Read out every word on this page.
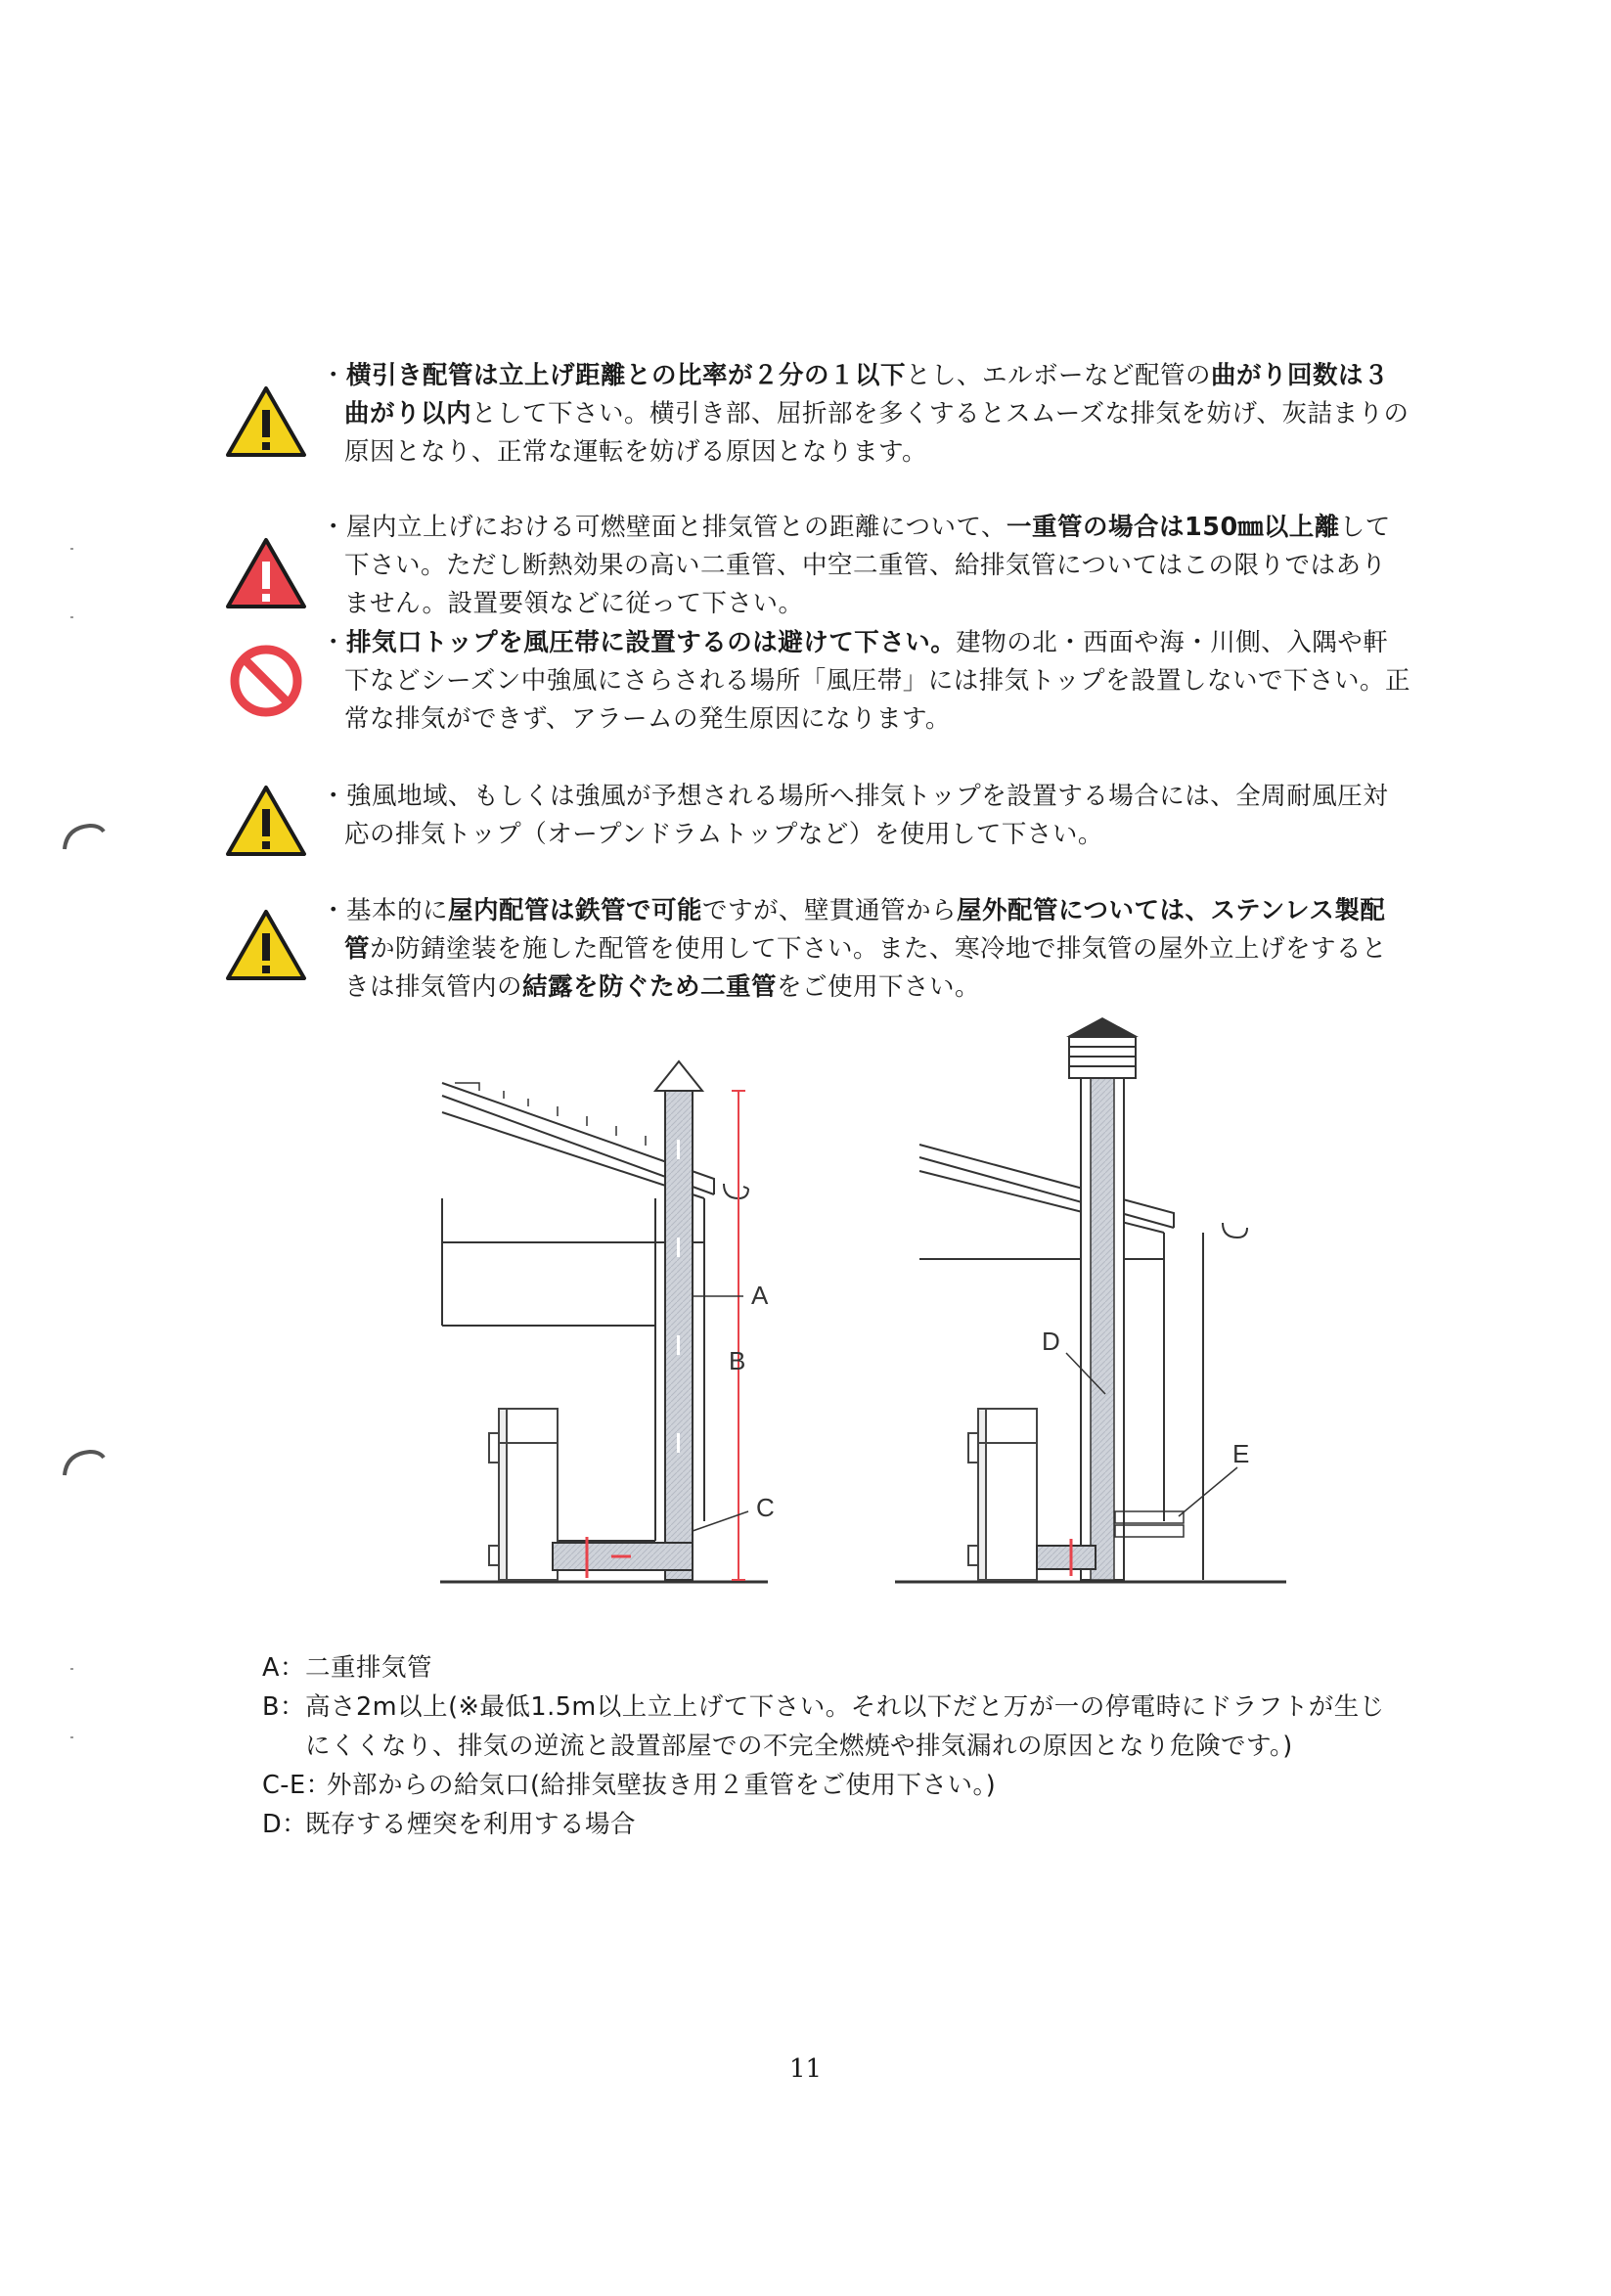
・横引き配管は立上げ距離との比率が２分の１以下とし、エルボーなど配管の曲がり回数は３曲がり以内として下さい。横引き部、屈折部を多くするとスムーズな排気を妨げ、灰詰まりの原因となり、正常な運転を妨げる原因となります。

・屋内立上げにおける可燃壁面と排気管との距離について、一重管の場合は150㎜以上離して下さい。ただし断熱効果の高い二重管、中空二重管、給排気管についてはこの限りではありません。設置要領などに従って下さい。

・排気口トップを風圧帯に設置するのは避けて下さい。建物の北・西面や海・川側、入隅や軒下などシーズン中強風にさらされる場所「風圧帯」には排気トップを設置しないで下さい。正常な排気ができず、アラームの発生原因になります。

・強風地域、もしくは強風が予想される場所へ排気トップを設置する場合には、全周耐風圧対応の排気トップ（オープンドラムトップなど）を使用して下さい。

・基本的に屋内配管は鉄管で可能ですが、壁貫通管から屋外配管については、ステンレス製配管か防錆塗装を施した配管を使用して下さい。また、寒冷地で排気管の屋外立上げをするときは排気管内の結露を防ぐため二重管をご使用下さい。

A
B
C
D
E
A： 二重排気管
B： 高さ2m以上(※最低1.5m以上立上げて下さい。それ以下だと万が一の停電時にドラフトが生じにくくなり、排気の逆流と設置部屋での不完全燃焼や排気漏れの原因となり危険です。)
C-E：
外部からの給気口(給排気壁抜き用２重管をご使用下さい。)
D：
既存する煙突を利用する場合
11
